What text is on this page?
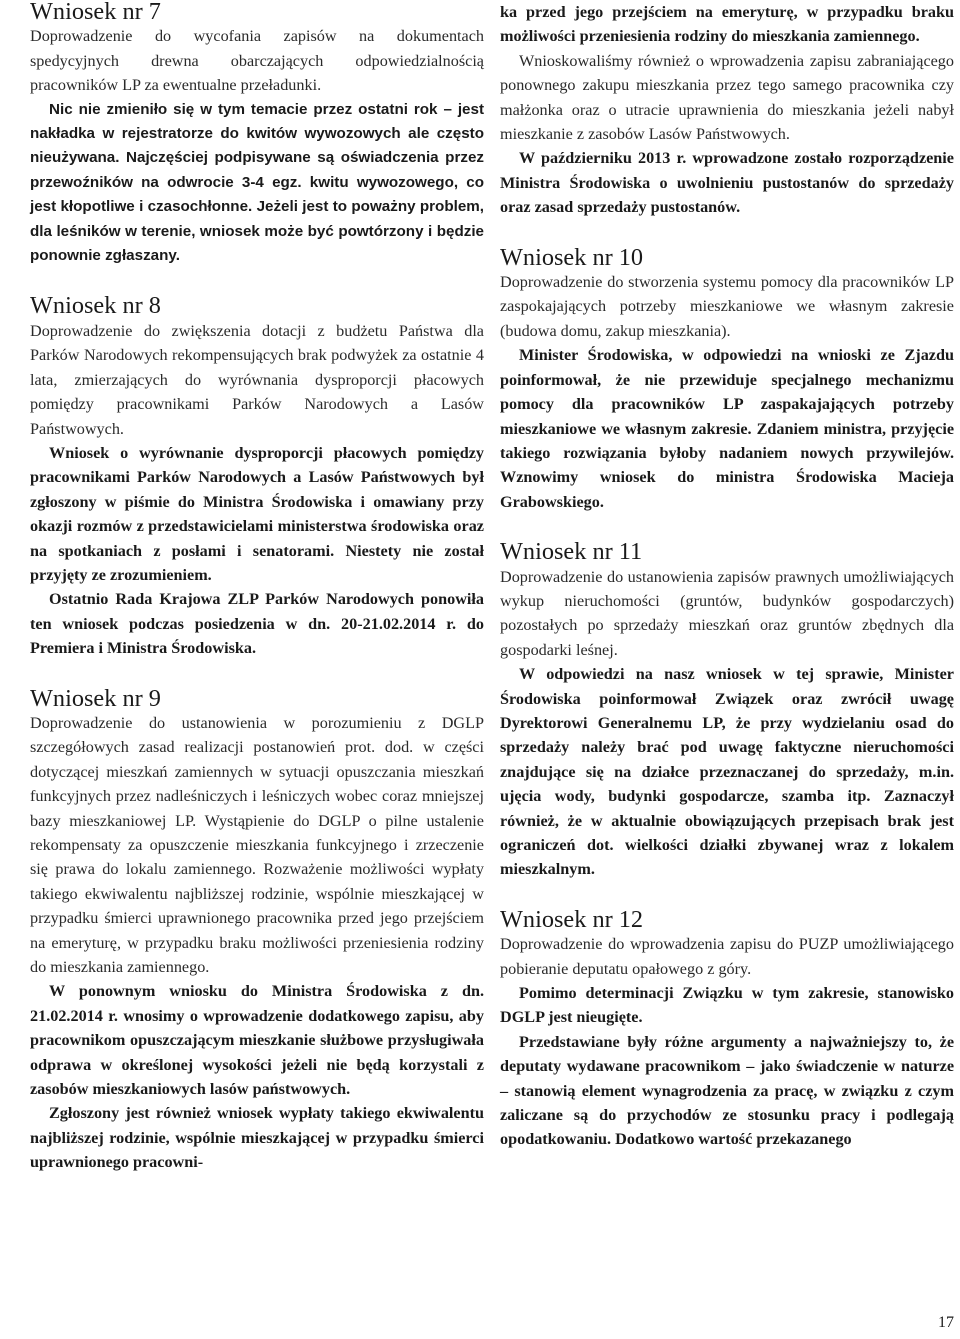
Wniosek nr 7

Doprowadzenie do wycofania zapisów na dokumentach spedycyjnych drewna obarczających odpowiedzialnością pracowników LP za ewentualne przeładunki.

Nic nie zmieniło się w tym temacie przez ostatni rok – jest nakładka w rejestratorze do kwitów wywozowych ale często nieużywana. Najczęściej podpisywane są oświadczenia przez przewoźników na odwrocie 3-4 egz. kwitu wywozowego, co jest kłopotliwe i czasochłonne. Jeżeli jest to poważny problem, dla leśników w terenie, wniosek może być powtórzony i będzie ponownie zgłaszany.

Wniosek nr 8

Doprowadzenie do zwiększenia dotacji z budżetu Państwa dla Parków Narodowych rekompensujących brak podwyżek za ostatnie 4 lata, zmierzających do wyrównania dysproporcji płacowych pomiędzy pracownikami Parków Narodowych a Lasów Państwowych.

Wniosek o wyrównanie dysproporcji płacowych pomiędzy pracownikami Parków Narodowych a Lasów Państwowych był zgłoszony w piśmie do Ministra Środowiska i omawiany przy okazji rozmów z przedstawicielami ministerstwa środowiska oraz na spotkaniach z posłami i senatorami. Niestety nie został przyjęty ze zrozumieniem.

Ostatnio Rada Krajowa ZLP Parków Narodowych ponowiła ten wniosek podczas posiedzenia w dn. 20-21.02.2014 r. do Premiera i Ministra Środowiska.

Wniosek nr 9

Doprowadzenie do ustanowienia w porozumieniu z DGLP szczegółowych zasad realizacji postanowień prot. dod. w części dotyczącej mieszkań zamiennych w sytuacji opuszczania mieszkań funkcyjnych przez nadleśniczych i leśniczych wobec coraz mniejszej bazy mieszkaniowej LP. Wystąpienie do DGLP o pilne ustalenie rekompensaty za opuszczenie mieszkania funkcyjnego i zrzeczenie się prawa do lokalu zamiennego. Rozważenie możliwości wypłaty takiego ekwiwalentu najbliższej rodzinie, wspólnie mieszkającej w przypadku śmierci uprawnionego pracownika przed jego przejściem na emeryturę, w przypadku braku możliwości przeniesienia rodziny do mieszkania zamiennego.

W ponownym wniosku do Ministra Środowiska z dn. 21.02.2014 r. wnosimy o wprowadzenie dodatkowego zapisu, aby pracownikom opuszczającym mieszkanie służbowe przysługiwała odprawa w określonej wysokości jeżeli nie będą korzystali z zasobów mieszkaniowych lasów państwowych.

Zgłoszony jest również wniosek wypłaty takiego ekwiwalentu najbliższej rodzinie, wspólnie mieszkającej w przypadku śmierci uprawnionego pracowni-

ka przed jego przejściem na emeryturę, w przypadku braku możliwości przeniesienia rodziny do mieszkania zamiennego.

Wnioskowaliśmy również o wprowadzenia zapisu zabraniającego ponownego zakupu mieszkania przez tego samego pracownika czy małżonka oraz o utracie uprawnienia do mieszkania jeżeli nabył mieszkanie z zasobów Lasów Państwowych.

W październiku 2013 r. wprowadzone zostało rozporządzenie Ministra Środowiska o uwolnieniu pustostanów do sprzedaży oraz zasad sprzedaży pustostanów.

Wniosek nr 10

Doprowadzenie do stworzenia systemu pomocy dla pracowników LP zaspokajających potrzeby mieszkaniowe we własnym zakresie (budowa domu, zakup mieszkania).

Minister Środowiska, w odpowiedzi na wnioski ze Zjazdu poinformował, że nie przewiduje specjalnego mechanizmu pomocy dla pracowników LP zaspakajających potrzeby mieszkaniowe we własnym zakresie. Zdaniem ministra, przyjęcie takiego rozwiązania byłoby nadaniem nowych przywilejów. Wznowimy wniosek do ministra Środowiska Macieja Grabowskiego.

Wniosek nr 11

Doprowadzenie do ustanowienia zapisów prawnych umożliwiających wykup nieruchomości (gruntów, budynków gospodarczych) pozostałych po sprzedaży mieszkań oraz gruntów zbędnych dla gospodarki leśnej.

W odpowiedzi na nasz wniosek w tej sprawie, Minister Środowiska poinformował Związek oraz zwrócił uwagę Dyrektorowi Generalnemu LP, że przy wydzielaniu osad do sprzedaży należy brać pod uwagę faktyczne nieruchomości znajdujące się na działce przeznaczanej do sprzedaży, m.in. ujęcia wody, budynki gospodarcze, szamba itp. Zaznaczył również, że w aktualnie obowiązujących przepisach brak jest ograniczeń dot. wielkości działki zbywanej wraz z lokalem mieszkalnym.

Wniosek nr 12

Doprowadzenie do wprowadzenia zapisu do PUZP umożliwiającego pobieranie deputatu opałowego z góry.

Pomimo determinacji Związku w tym zakresie, stanowisko DGLP jest nieugięte.

Przedstawiane były różne argumenty a najważniejszy to, że deputaty wydawane pracownikom – jako świadczenie w naturze – stanowią element wynagrodzenia za pracę, w związku z czym zaliczane są do przychodów ze stosunku pracy i podlegają opodatkowaniu. Dodatkowo wartość przekazanego

17
